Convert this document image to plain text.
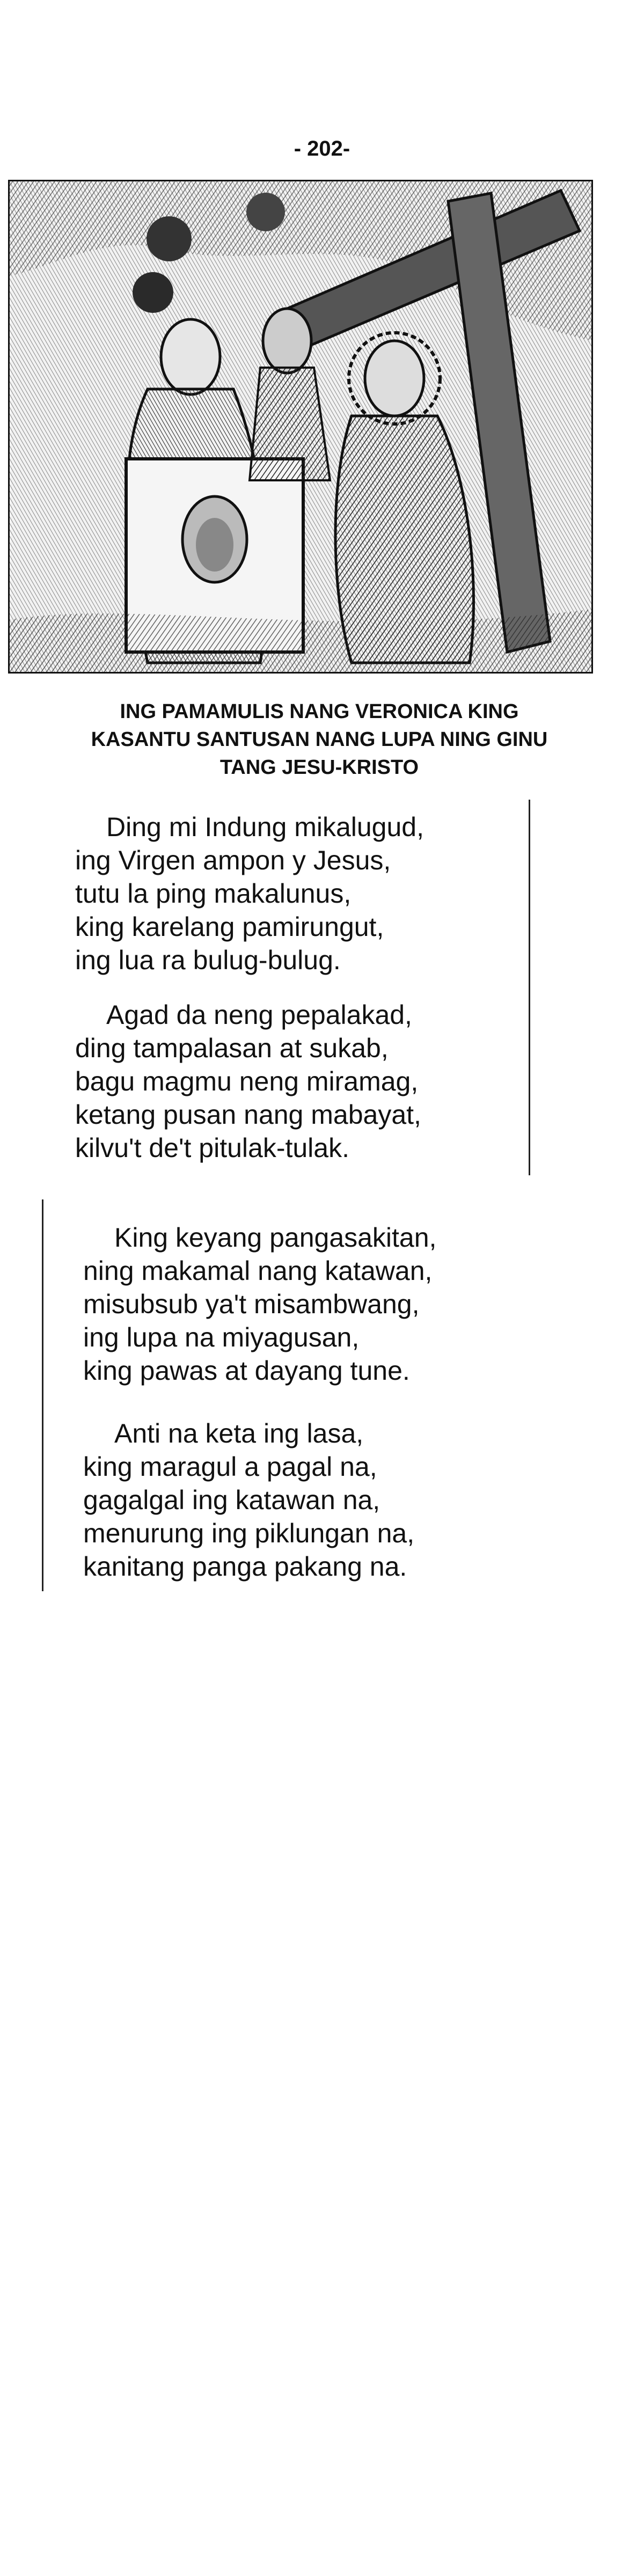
- 202-
ING PAMAMULIS NANG VERONICA KING
KASANTU SANTUSAN NANG LUPA NING GINU
TANG JESU-KRISTO
Ding mi Indung mikalugud,
ing Virgen ampon y Jesus,
tutu la ping makalunus,
king karelang pamirungut,
ing lua ra bulug-bulug.
Agad da neng pepalakad,
ding tampalasan at sukab,
bagu magmu neng miramag,
ketang pusan nang mabayat,
kilvu't de't pitulak-tulak.
King keyang pangasakitan,
ning makamal nang katawan,
misubsub ya't misambwang,
ing lupa na miyagusan,
king pawas at dayang tune.
Anti na keta ing lasa,
king maragul a pagal na,
gagalgal ing katawan na,
menurung ing piklungan na,
kanitang panga pakang na.
